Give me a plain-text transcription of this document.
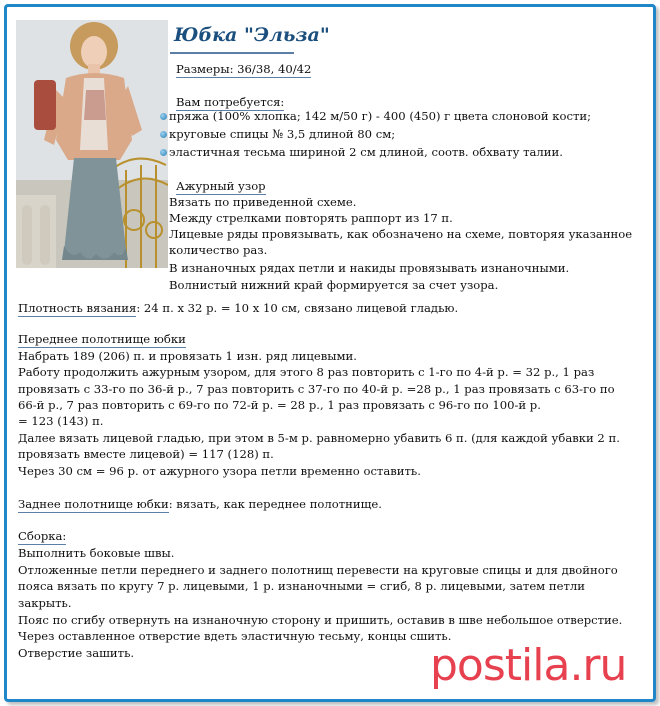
Юбка "Эльза"
Размеры: 36/38, 40/42
Вам потребуется:
пряжа (100% хлопка; 142 м/50 г) - 400 (450) г цвета слоновой кости;
круговые спицы № 3,5 длиной 80 см;
эластичная тесьма шириной 2 см длиной, соотв. обхвату талии.
Ажурный узор
Вязать по приведенной схеме.
Между стрелками повторять раппорт из 17 п.
Лицевые ряды провязывать, как обозначено на схеме, повторяя указанное
количество раз.
В изнаночных рядах петли и накиды провязывать изнаночными.
Волнистый нижний край формируется за счет узора.
Плотность вязания: 24 п. х 32 р. = 10 х 10 см, связано лицевой гладью.
Переднее полотнище юбки
Набрать 189 (206) п. и провязать 1 изн. ряд лицевыми.
Работу продолжить ажурным узором, для этого 8 раз повторить с 1-го по 4-й р. = 32 р., 1 раз
провязать с 33-го по 36-й р., 7 раз повторить с 37-го по 40-й р. =28 р., 1 раз провязать с 63-го по
66-й р., 7 раз повторить с 69-го по 72-й р. = 28 р., 1 раз провязать с 96-го по 100-й р.
= 123 (143) п.
Далее вязать лицевой гладью, при этом в 5-м р. равномерно убавить 6 п. (для каждой убавки 2 п.
провязать вместе лицевой) = 117 (128) п.
Через 30 см = 96 р. от ажурного узора петли временно оставить.
Заднее полотнище юбки: вязать, как переднее полотнище.
Сборка:
Выполнить боковые швы.
Отложенные петли переднего и заднего полотнищ перевести на круговые спицы и для двойного
пояса вязать по кругу 7 р. лицевыми, 1 р. изнаночными = сгиб, 8 р. лицевыми, затем петли
закрыть.
Пояс по сгибу отвернуть на изнаночную сторону и пришить, оставив в шве небольшое отверстие.
Через оставленное отверстие вдеть эластичную тесьму, концы сшить.
Отверстие зашить.	postila.ru
